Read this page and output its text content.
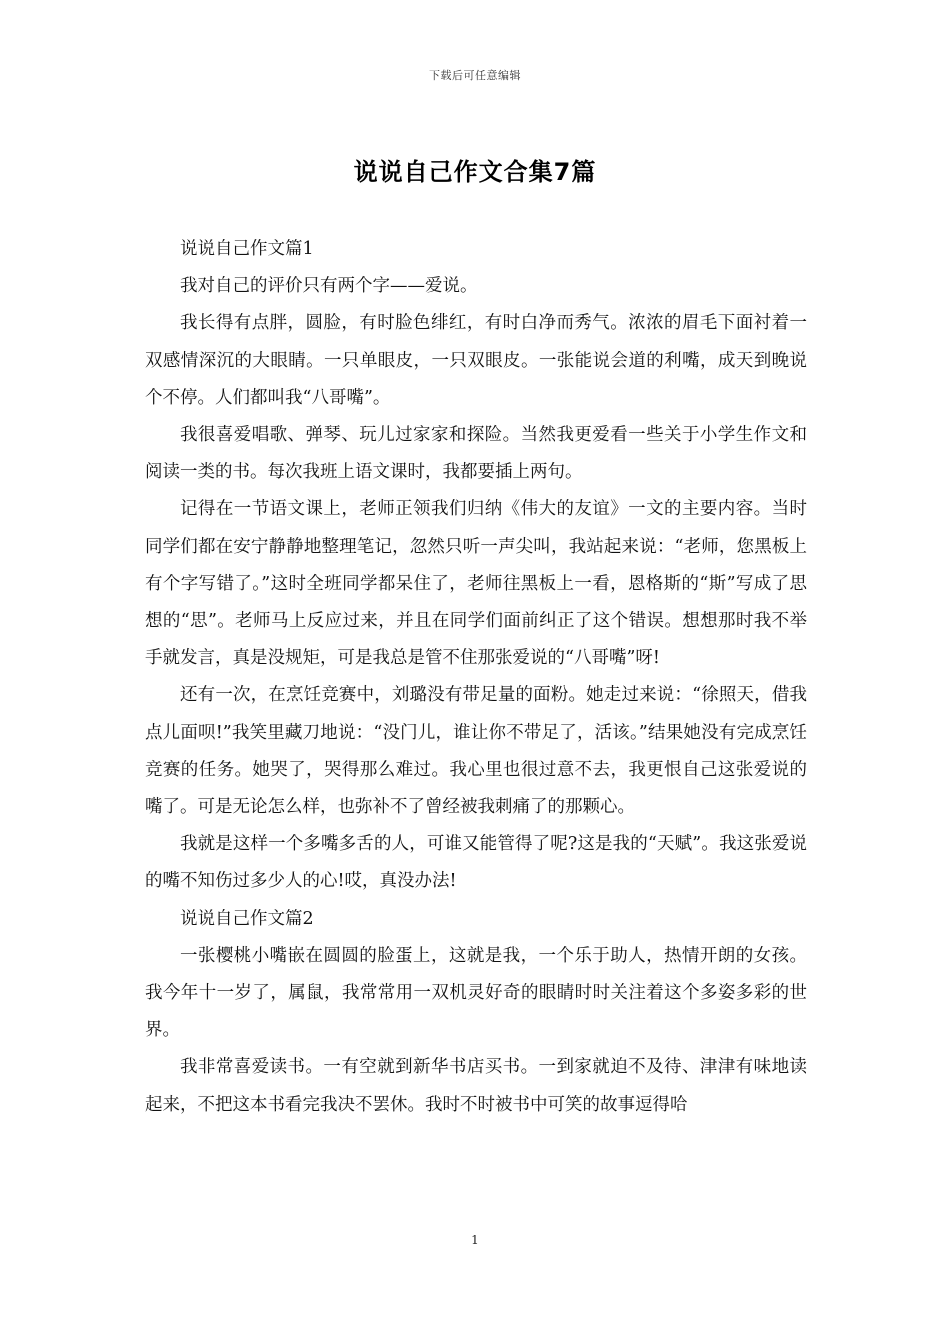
下载后可任意编辑
说说自己作文合集7篇

说说自己作文篇1

我对自己的评价只有两个字——爱说。

我长得有点胖，圆脸，有时脸色绯红，有时白净而秀气。浓浓的眉毛下面衬着一双感情深沉的大眼睛。一只单眼皮，一只双眼皮。一张能说会道的利嘴，成天到晚说个不停。人们都叫我“八哥嘴”。

我很喜爱唱歌、弹琴、玩儿过家家和探险。当然我更爱看一些关于小学生作文和阅读一类的书。每次我班上语文课时，我都要插上两句。

记得在一节语文课上，老师正领我们归纳《伟大的友谊》一文的主要内容。当时同学们都在安宁静静地整理笔记，忽然只听一声尖叫，我站起来说：“老师，您黑板上有个字写错了。”这时全班同学都呆住了，老师往黑板上一看，恩格斯的“斯”写成了思想的“思”。老师马上反应过来，并且在同学们面前纠正了这个错误。想想那时我不举手就发言，真是没规矩，可是我总是管不住那张爱说的“八哥嘴”呀!

还有一次，在烹饪竞赛中，刘璐没有带足量的面粉。她走过来说：“徐照天，借我点儿面呗!”我笑里藏刀地说：“没门儿，谁让你不带足了，活该。”结果她没有完成烹饪竞赛的任务。她哭了，哭得那么难过。我心里也很过意不去，我更恨自己这张爱说的嘴了。可是无论怎么样，也弥补不了曾经被我刺痛了的那颗心。

我就是这样一个多嘴多舌的人，可谁又能管得了呢?这是我的“天赋”。我这张爱说的嘴不知伤过多少人的心!哎，真没办法!

说说自己作文篇2

一张樱桃小嘴嵌在圆圆的脸蛋上，这就是我，一个乐于助人，热情开朗的女孩。我今年十一岁了，属鼠，我常常用一双机灵好奇的眼睛时时关注着这个多姿多彩的世界。

我非常喜爱读书。一有空就到新华书店买书。一到家就迫不及待、津津有味地读起来，不把这本书看完我决不罢休。我时不时被书中可笑的故事逗得哈

1
